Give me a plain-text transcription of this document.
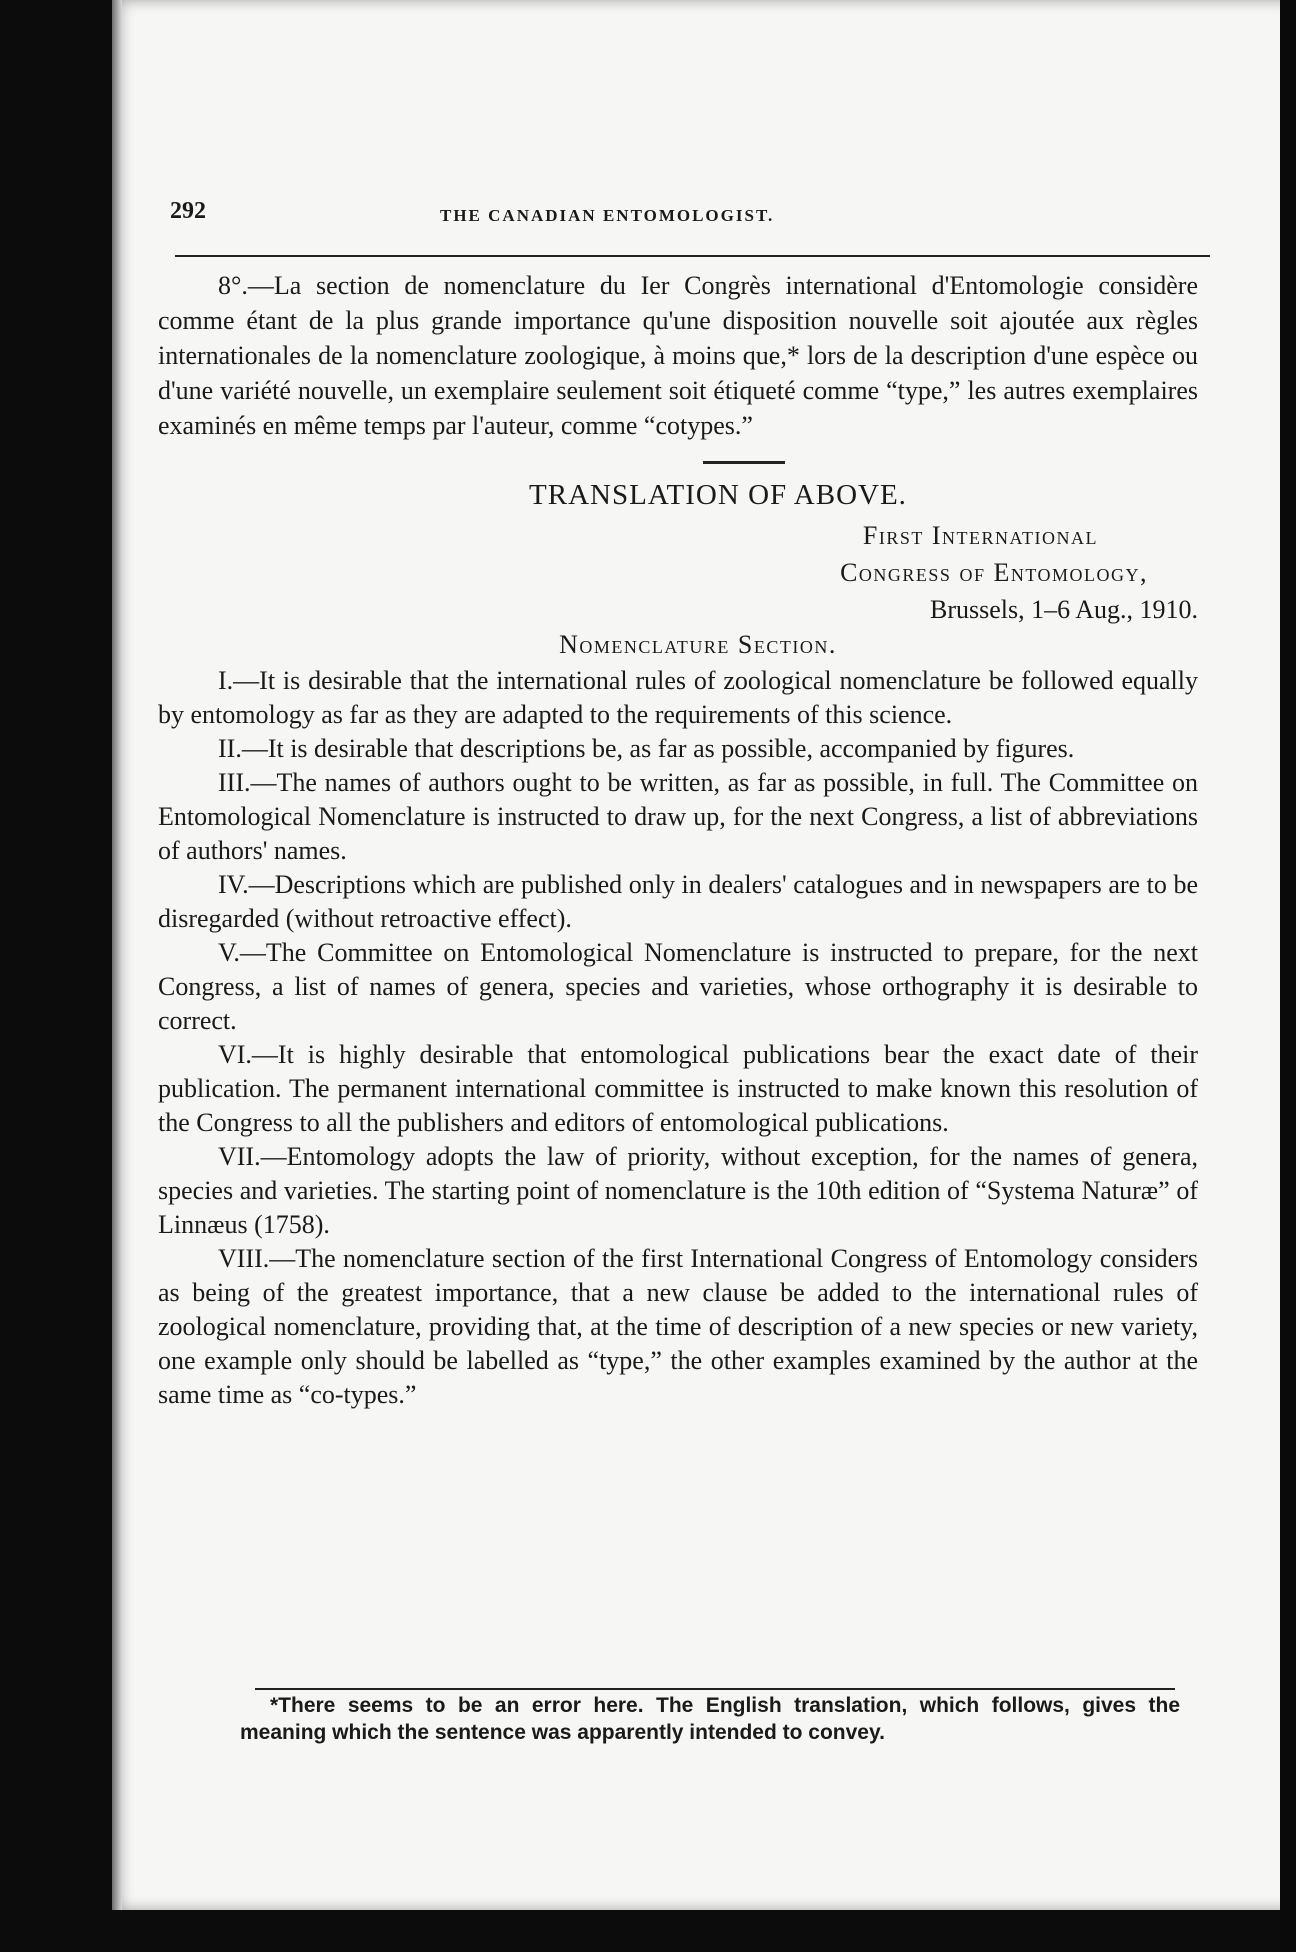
292	THE CANADIAN ENTOMOLOGIST.

8°.—La section de nomenclature du Ier Congrès international d'Entomologie considère comme étant de la plus grande importance qu'une disposition nouvelle soit ajoutée aux règles internationales de la nomenclature zoologique, à moins que,* lors de la description d'une espèce ou d'une variété nouvelle, un exemplaire seulement soit étiqueté comme “type,” les autres exemplaires examinés en même temps par l'auteur, comme “cotypes.”

TRANSLATION OF ABOVE.
First International
Congress of Entomology,
Brussels, 1–6 Aug., 1910.
Nomenclature Section.

I.—It is desirable that the international rules of zoological nomenclature be followed equally by entomology as far as they are adapted to the requirements of this science.

II.—It is desirable that descriptions be, as far as possible, accompanied by figures.

III.—The names of authors ought to be written, as far as possible, in full. The Committee on Entomological Nomenclature is instructed to draw up, for the next Congress, a list of abbreviations of authors' names.

IV.—Descriptions which are published only in dealers' catalogues and in newspapers are to be disregarded (without retroactive effect).

V.—The Committee on Entomological Nomenclature is instructed to prepare, for the next Congress, a list of names of genera, species and varieties, whose orthography it is desirable to correct.

VI.—It is highly desirable that entomological publications bear the exact date of their publication. The permanent international committee is instructed to make known this resolution of the Congress to all the publishers and editors of entomological publications.

VII.—Entomology adopts the law of priority, without exception, for the names of genera, species and varieties. The starting point of nomenclature is the 10th edition of “Systema Naturæ” of Linnæus (1758).

VIII.—The nomenclature section of the first International Congress of Entomology considers as being of the greatest importance, that a new clause be added to the international rules of zoological nomenclature, providing that, at the time of description of a new species or new variety, one example only should be labelled as “type,” the other examples examined by the author at the same time as “co-types.”

*There seems to be an error here. The English translation, which follows, gives the meaning which the sentence was apparently intended to convey.
